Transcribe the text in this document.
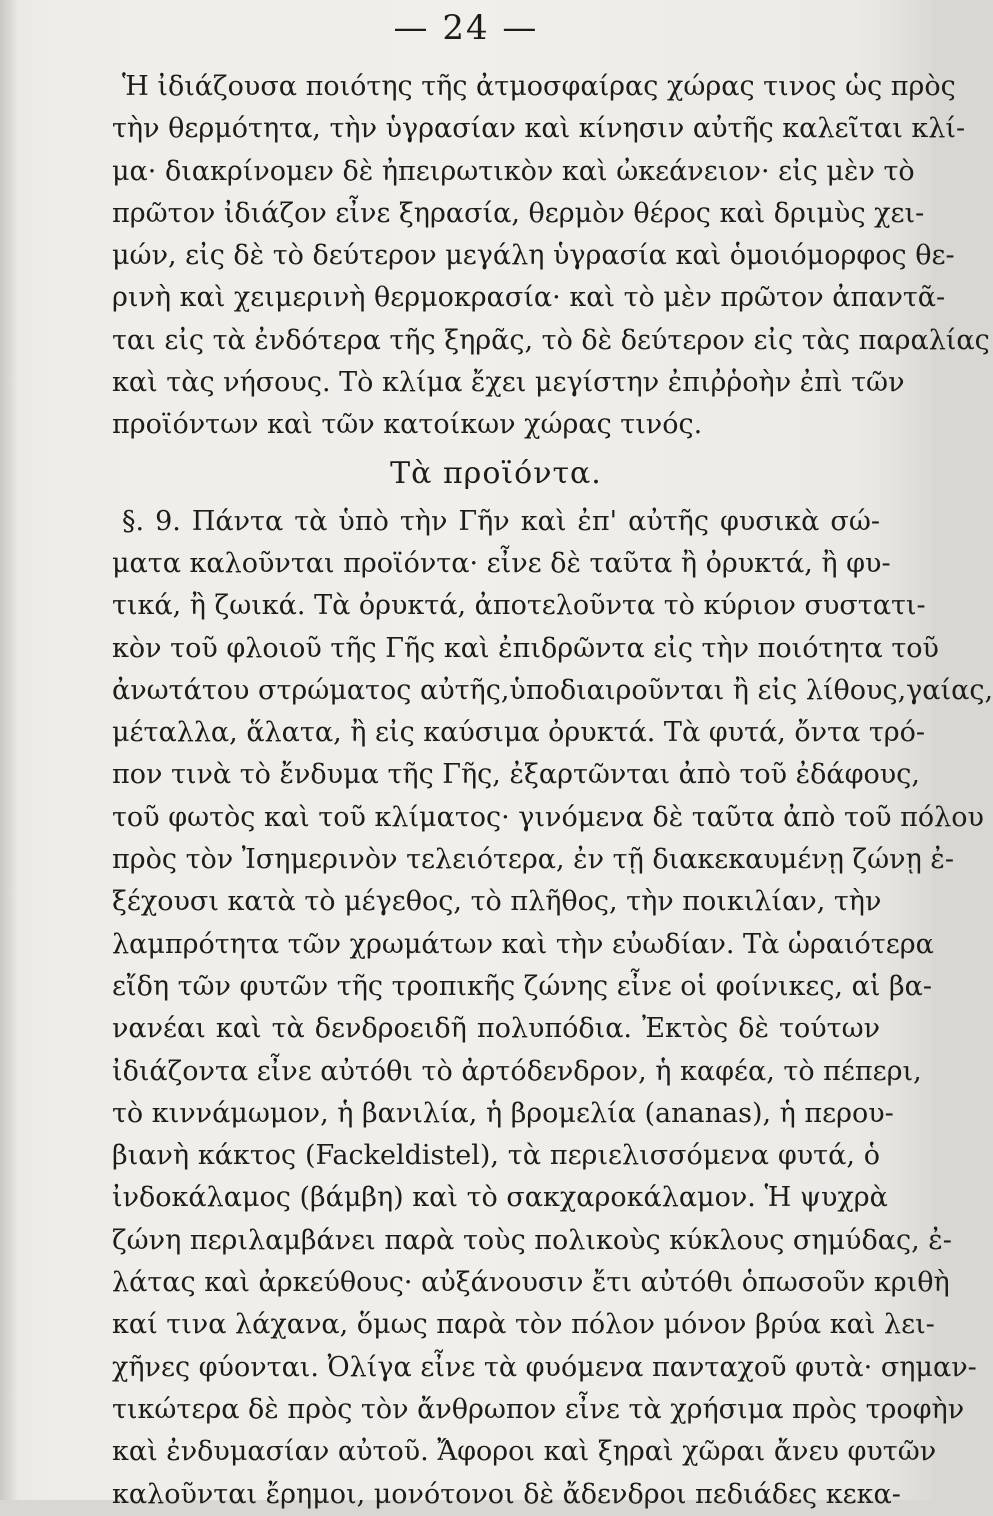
— 24 —
Ἡ ἰδιάζουσα ποιότης τῆς ἀτμοσφαίρας χώρας τινος ὡς πρὸς
τὴν θερμότητα, τὴν ὑγρασίαν καὶ κίνησιν αὐτῆς καλεῖται κλί-
μα· διακρίνομεν δὲ ἠπειρωτικὸν καὶ ὠκεάνειον· εἰς μὲν τὸ
πρῶτον ἰδιάζον εἶνε ξηρασία, θερμὸν θέρος καὶ δριμὺς χει-
μών, εἰς δὲ τὸ δεύτερον μεγάλη ὑγρασία καὶ ὁμοιόμορφος θε-
ρινὴ καὶ χειμερινὴ θερμοκρασία· καὶ τὸ μὲν πρῶτον ἀπαντᾶ-
ται εἰς τὰ ἐνδότερα τῆς ξηρᾶς, τὸ δὲ δεύτερον εἰς τὰς παραλίας
καὶ τὰς νήσους. Τὸ κλίμα ἔχει μεγίστην ἐπιῤῥοὴν ἐπὶ τῶν
προϊόντων καὶ τῶν κατοίκων χώρας τινός.
Τὰ προϊόντα.
§. 9. Πάντα τὰ ὑπὸ τὴν Γῆν καὶ ἐπ' αὐτῆς φυσικὰ σώ-
ματα καλοῦνται προϊόντα· εἶνε δὲ ταῦτα ἢ ὀρυκτά, ἢ φυ-
τικά, ἢ ζωικά. Τὰ ὀρυκτά, ἀποτελοῦντα τὸ κύριον συστατι-
κὸν τοῦ φλοιοῦ τῆς Γῆς καὶ ἐπιδρῶντα εἰς τὴν ποιότητα τοῦ
ἀνωτάτου στρώματος αὐτῆς,ὑποδιαιροῦνται ἢ εἰς λίθους,γαίας,
μέταλλα, ἅλατα, ἢ εἰς καύσιμα ὀρυκτά. Τὰ φυτά, ὄντα τρό-
πον τινὰ τὸ ἔνδυμα τῆς Γῆς, ἐξαρτῶνται ἀπὸ τοῦ ἐδάφους,
τοῦ φωτὸς καὶ τοῦ κλίματος· γινόμενα δὲ ταῦτα ἀπὸ τοῦ πόλου
πρὸς τὸν Ἰσημερινὸν τελειότερα, ἐν τῇ διακεκαυμένῃ ζώνῃ ἐ-
ξέχουσι κατὰ τὸ μέγεθος, τὸ πλῆθος, τὴν ποικιλίαν, τὴν
λαμπρότητα τῶν χρωμάτων καὶ τὴν εὐωδίαν. Τὰ ὡραιότερα
εἴδη τῶν φυτῶν τῆς τροπικῆς ζώνης εἶνε οἱ φοίνικες, αἱ βα-
νανέαι καὶ τὰ δενδροειδῆ πολυπόδια. Ἐκτὸς δὲ τούτων
ἰδιάζοντα εἶνε αὐτόθι τὸ ἀρτόδενδρον, ἡ καφέα, τὸ πέπερι,
τὸ κιννάμωμον, ἡ βανιλία, ἡ βρομελία (ananas), ἡ περου-
βιανὴ κάκτος (Fackeldistel), τὰ περιελισσόμενα φυτά, ὁ
ἰνδοκάλαμος (βάμβη) καὶ τὸ σακχαροκάλαμον. Ἡ ψυχρὰ
ζώνη περιλαμβάνει παρὰ τοὺς πολικοὺς κύκλους σημύδας, ἐ-
λάτας καὶ ἀρκεύθους· αὐξάνουσιν ἔτι αὐτόθι ὁπωσοῦν κριθὴ
καί τινα λάχανα, ὅμως παρὰ τὸν πόλον μόνον βρύα καὶ λει-
χῆνες φύονται. Ὀλίγα εἶνε τὰ φυόμενα πανταχοῦ φυτὰ· σημαν-
τικώτερα δὲ πρὸς τὸν ἄνθρωπον εἶνε τὰ χρήσιμα πρὸς τροφὴν
καὶ ἐνδυμασίαν αὐτοῦ. Ἄφοροι καὶ ξηραὶ χῶραι ἄνευ φυτῶν
καλοῦνται ἔρημοι, μονότονοι δὲ ἄδενδροι πεδιάδες κεκα-
